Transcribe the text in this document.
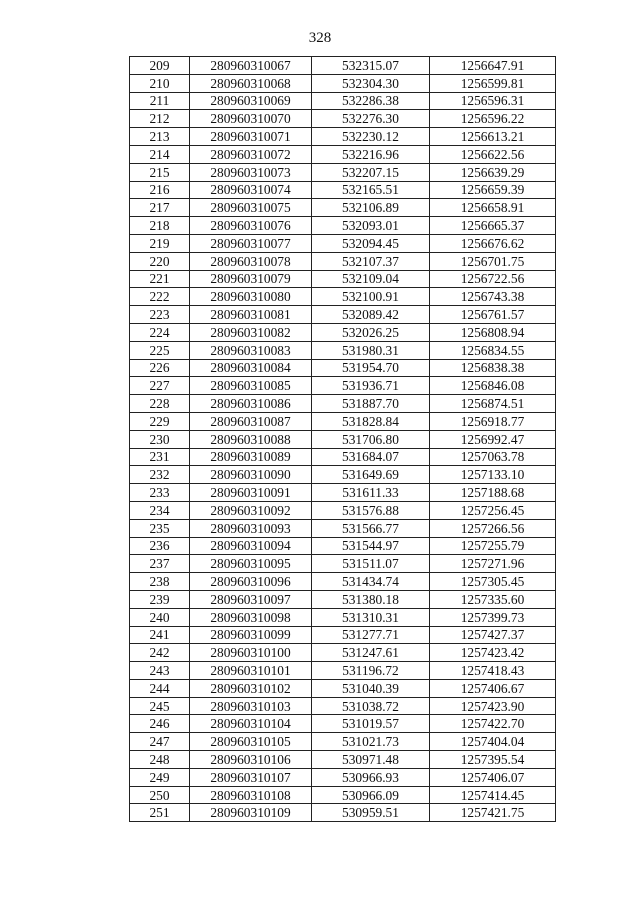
328
209	280960310067	532315.07	1256647.91
210	280960310068	532304.30	1256599.81
211	280960310069	532286.38	1256596.31
212	280960310070	532276.30	1256596.22
213	280960310071	532230.12	1256613.21
214	280960310072	532216.96	1256622.56
215	280960310073	532207.15	1256639.29
216	280960310074	532165.51	1256659.39
217	280960310075	532106.89	1256658.91
218	280960310076	532093.01	1256665.37
219	280960310077	532094.45	1256676.62
220	280960310078	532107.37	1256701.75
221	280960310079	532109.04	1256722.56
222	280960310080	532100.91	1256743.38
223	280960310081	532089.42	1256761.57
224	280960310082	532026.25	1256808.94
225	280960310083	531980.31	1256834.55
226	280960310084	531954.70	1256838.38
227	280960310085	531936.71	1256846.08
228	280960310086	531887.70	1256874.51
229	280960310087	531828.84	1256918.77
230	280960310088	531706.80	1256992.47
231	280960310089	531684.07	1257063.78
232	280960310090	531649.69	1257133.10
233	280960310091	531611.33	1257188.68
234	280960310092	531576.88	1257256.45
235	280960310093	531566.77	1257266.56
236	280960310094	531544.97	1257255.79
237	280960310095	531511.07	1257271.96
238	280960310096	531434.74	1257305.45
239	280960310097	531380.18	1257335.60
240	280960310098	531310.31	1257399.73
241	280960310099	531277.71	1257427.37
242	280960310100	531247.61	1257423.42
243	280960310101	531196.72	1257418.43
244	280960310102	531040.39	1257406.67
245	280960310103	531038.72	1257423.90
246	280960310104	531019.57	1257422.70
247	280960310105	531021.73	1257404.04
248	280960310106	530971.48	1257395.54
249	280960310107	530966.93	1257406.07
250	280960310108	530966.09	1257414.45
251	280960310109	530959.51	1257421.75
